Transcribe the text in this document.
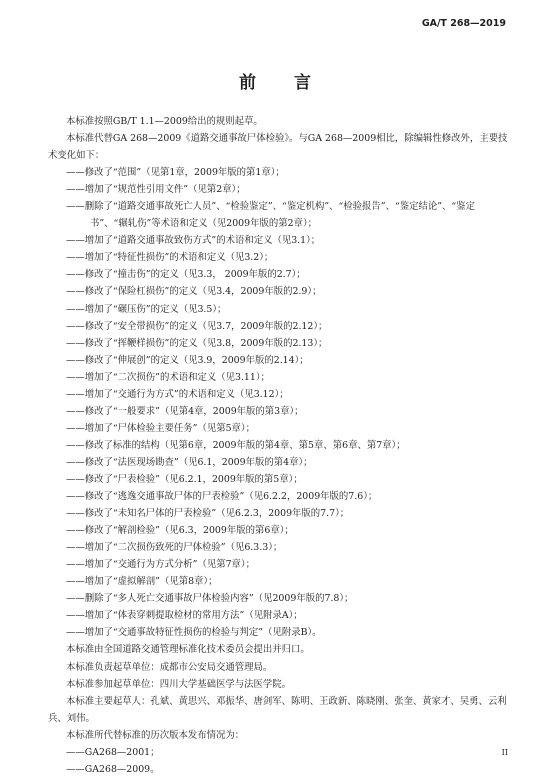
GA/T 268—2019
前 言

本标准按照GB/T 1.1—2009给出的规则起草。

本标准代替GA 268—2009《道路交通事故尸体检验》。与GA 268—2009相比，除编辑性修改外，主要技术变化如下：

——修改了“范围”（见第1章，2009年版的第1章）；

——增加了“规范性引用文件”（见第2章）；

——删除了“道路交通事故死亡人员”、“检验鉴定”、“鉴定机构”、“检验报告”、“鉴定结论”、“鉴定书”、“辗轧伤”等术语和定义（见2009年版的第2章）；

——增加了“道路交通事故致伤方式”的术语和定义（见3.1）；

——增加了“特征性损伤”的术语和定义（见3.2）；

——修改了“撞击伤”的定义（见3.3， 2009年版的2.7）；

——修改了“保险杠损伤”的定义（见3.4，2009年版的2.9）；

——增加了“碾压伤”的定义（见3.5）；

——修改了“安全带损伤”的定义（见3.7，2009年版的2.12）；

——修改了“挥鞭样损伤”的定义（见3.8，2009年版的2.13）；

——修改了“伸展创”的定义（见3.9，2009年版的2.14）；

——增加了“二次损伤”的术语和定义（见3.11）；

——增加了“交通行为方式”的术语和定义（见3.12）；

——修改了“一般要求”（见第4章，2009年版的第3章）；

——增加了“尸体检验主要任务”（见第5章）；

——修改了标准的结构（见第6章，2009年版的第4章、第5章、第6章、第7章）；

——修改了“法医现场勘查”（见6.1，2009年版的第4章）；

——修改了“尸表检验”（见6.2.1，2009年版的第5章）；

——修改了“逃逸交通事故尸体的尸表检验”（见6.2.2，2009年版的7.6）；

——修改了“未知名尸体的尸表检验”（见6.2.3，2009年版的7.7）；

——修改了“解剖检验”（见6.3，2009年版的第6章）；

——增加了“二次损伤致死的尸体检验”（见6.3.3）；

——增加了“交通行为方式分析”（见第7章）；

——增加了“虚拟解剖”（见第8章）；

——删除了“多人死亡交通事故尸体检验内容”（见2009年版的7.8）；

——增加了“体表穿刺提取检材的常用方法”（见附录A）；

——增加了“交通事故特征性损伤的检验与判定”（见附录B）。

本标准由全国道路交通管理标准化技术委员会提出并归口。

本标准负责起草单位：成都市公安局交通管理局。

本标准参加起草单位：四川大学基础医学与法医学院。

本标准主要起草人：孔斌、黄思兴、邓振华、唐剑军、陈明、王政新、陈晓刚、张奎、黄家才、吴勇、云利兵、刘伟。

本标准所代替标准的历次版本发布情况为：

——GA268—2001；

——GA268—2009。

II
